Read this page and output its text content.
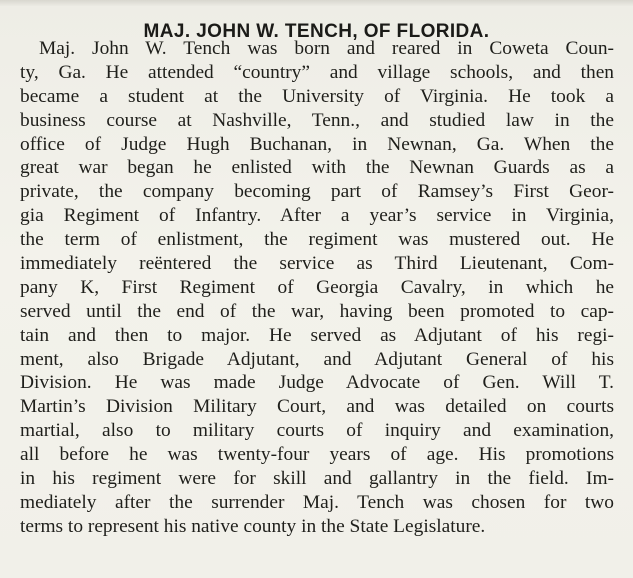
MAJ. JOHN W. TENCH, OF FLORIDA.
Maj. John W. Tench was born and reared in Coweta Coun-
ty, Ga. He attended “country” and village schools, and then
became a student at the University of Virginia. He took a
business course at Nashville, Tenn., and studied law in the
office of Judge Hugh Buchanan, in Newnan, Ga. When the
great war began he enlisted with the Newnan Guards as a
private, the company becoming part of Ramsey’s First Geor-
gia Regiment of Infantry. After a year’s service in Virginia,
the term of enlistment, the regiment was mustered out. He
immediately reëntered the service as Third Lieutenant, Com-
pany K, First Regiment of Georgia Cavalry, in which he
served until the end of the war, having been promoted to cap-
tain and then to major. He served as Adjutant of his regi-
ment, also Brigade Adjutant, and Adjutant General of his
Division. He was made Judge Advocate of Gen. Will T.
Martin’s Division Military Court, and was detailed on courts
martial, also to military courts of inquiry and examination,
all before he was twenty-four years of age. His promotions
in his regiment were for skill and gallantry in the field. Im-
mediately after the surrender Maj. Tench was chosen for two
terms to represent his native county in the State Legislature.
